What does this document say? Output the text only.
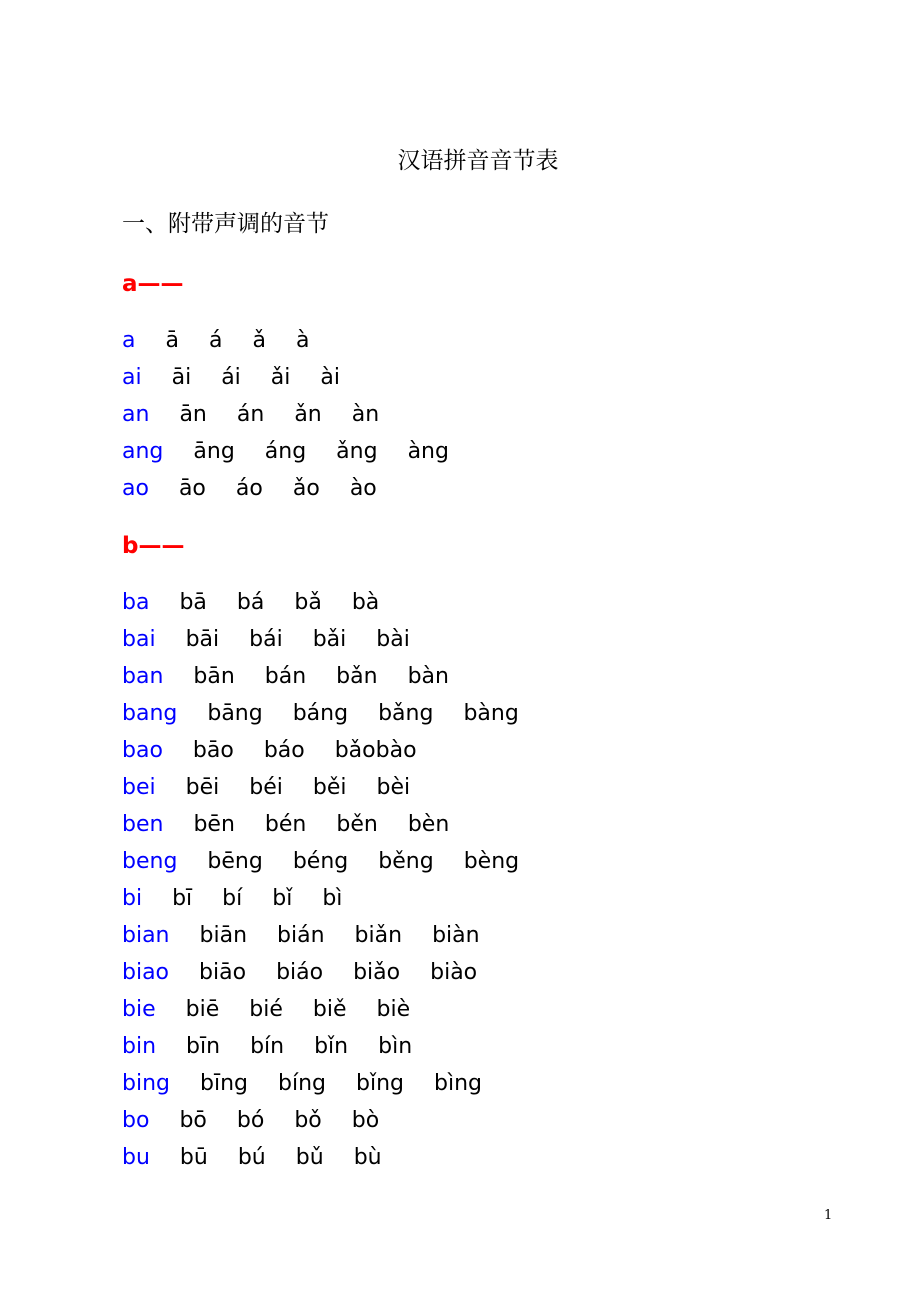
汉语拼音音节表
一、附带声调的音节
a——
a ā á ǎ à
ai āi ái ǎi ài
an ān án ǎn àn
ang āng áng ǎng àng
ao āo áo ǎo ào
b——
ba bā bá bǎ bà
bai bāi bái bǎi bài
ban bān bán bǎn bàn
bang bāng báng bǎng bàng
bao bāo báo bǎobào
bei bēi béi běi bèi
ben bēn bén běn bèn
beng bēng béng běng bèng
bi bī bí bǐ bì
bian biān bián biǎn biàn
biao biāo biáo biǎo biào
bie biē bié biě biè
bin bīn bín bǐn bìn
bing bīng bíng bǐng bìng
bo bō bó bǒ bò
bu bū bú bǔ bù
1
